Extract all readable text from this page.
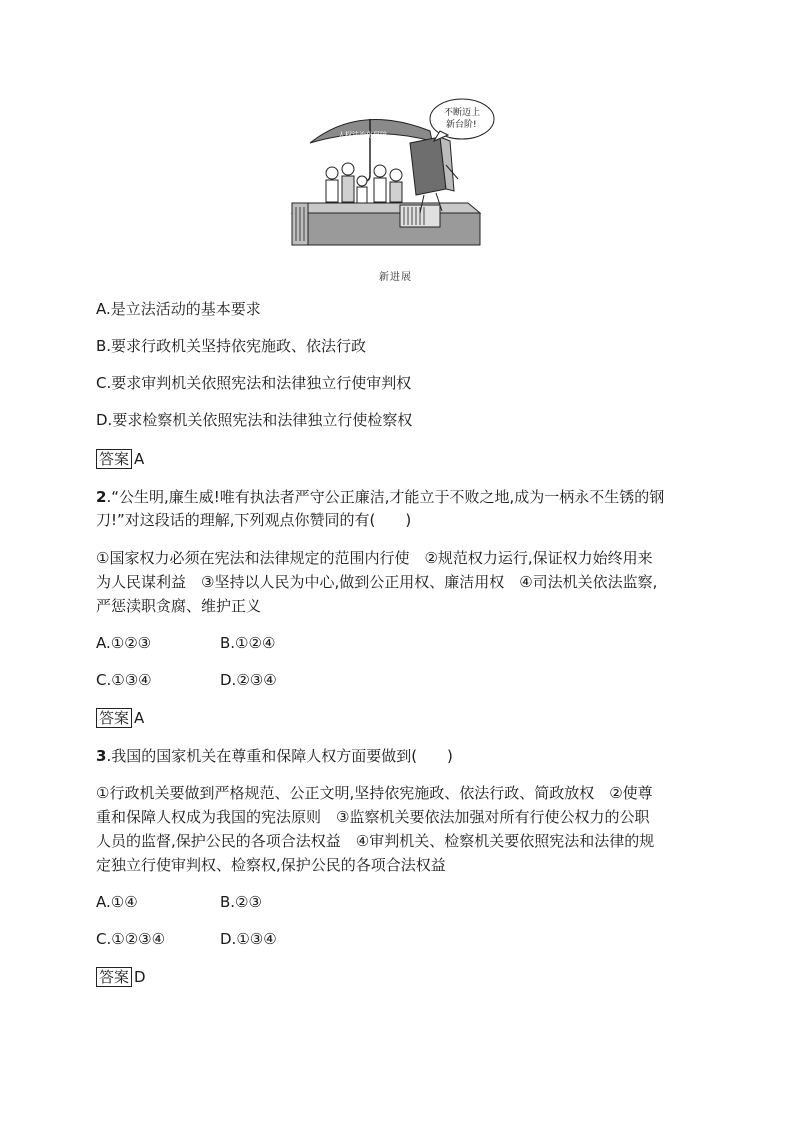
人权法治化保障
不断迈上
新台阶!
新进展
A.是立法活动的基本要求
B.要求行政机关坚持依宪施政、依法行政
C.要求审判机关依照宪法和法律独立行使审判权
D.要求检察机关依照宪法和法律独立行使检察权
答案 A
2.“公生明,廉生威!唯有执法者严守公正廉洁,才能立于不败之地,成为一柄永不生锈的钢
刀!”对这段话的理解,下列观点你赞同的有(　　)
①国家权力必须在宪法和法律规定的范围内行使　②规范权力运行,保证权力始终用来
为人民谋利益　③坚持以人民为中心,做到公正用权、廉洁用权　④司法机关依法监察,
严惩渎职贪腐、维护正义
A.①②③	B.①②④
C.①③④	D.②③④
答案 A
3.我国的国家机关在尊重和保障人权方面要做到(　　)
①行政机关要做到严格规范、公正文明,坚持依宪施政、依法行政、简政放权　②使尊
重和保障人权成为我国的宪法原则　③监察机关要依法加强对所有行使公权力的公职
人员的监督,保护公民的各项合法权益　④审判机关、检察机关要依照宪法和法律的规
定独立行使审判权、检察权,保护公民的各项合法权益
A.①④	B.②③
C.①②③④	D.①③④
答案 D
